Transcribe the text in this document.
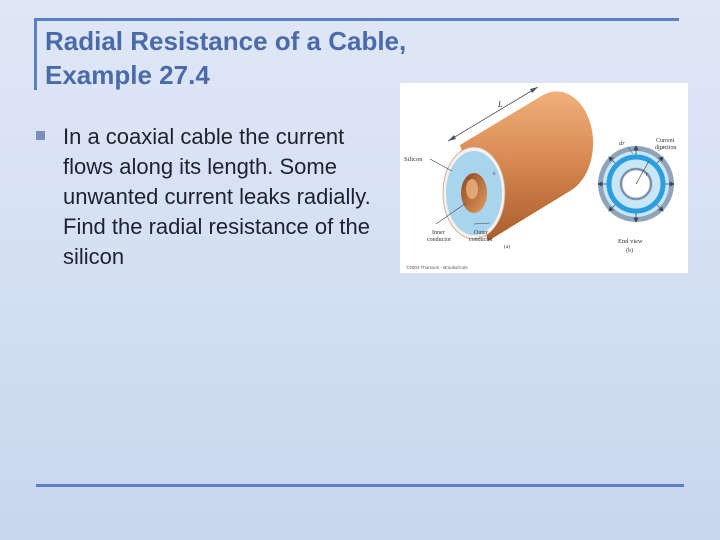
Radial Resistance of a Cable,
Example 27.4
In a coaxial cable the current flows along its length. Some unwanted current leaks radially. Find the radial resistance of the silicon
L
a
b
Silicon
Inner
conductor
Outer
conductor
(a)
©2004 Thomson - Brooks/Cole
r
dr	Current
direction
End view
(b)
